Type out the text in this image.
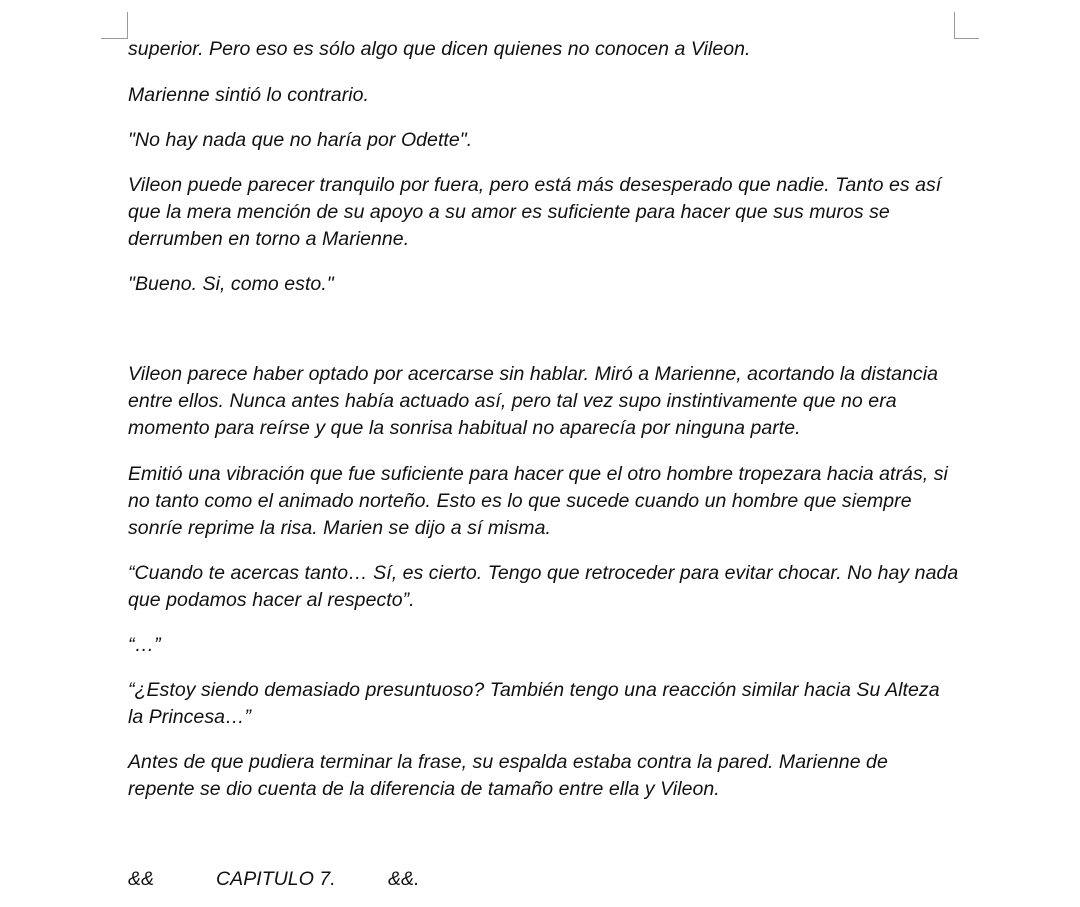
superior. Pero eso es sólo algo que dicen quienes no conocen a Vileon.
Marienne sintió lo contrario.
"No hay nada que no haría por Odette".
Vileon puede parecer tranquilo por fuera, pero está más desesperado que nadie. Tanto es así
que la mera mención de su apoyo a su amor es suficiente para hacer que sus muros se
derrumben en torno a Marienne.
"Bueno. Si, como esto."
Vileon parece haber optado por acercarse sin hablar. Miró a Marienne, acortando la distancia
entre ellos. Nunca antes había actuado así, pero tal vez supo instintivamente que no era
momento para reírse y que la sonrisa habitual no aparecía por ninguna parte.
Emitió una vibración que fue suficiente para hacer que el otro hombre tropezara hacia atrás, si
no tanto como el animado norteño. Esto es lo que sucede cuando un hombre que siempre
sonríe reprime la risa. Marien se dijo a sí misma.
“Cuando te acercas tanto… Sí, es cierto. Tengo que retroceder para evitar chocar. No hay nada
que podamos hacer al respecto”.
“…”
“¿Estoy siendo demasiado presuntuoso? También tengo una reacción similar hacia Su Alteza
la Princesa…”
Antes de que pudiera terminar la frase, su espalda estaba contra la pared. Marienne de
repente se dio cuenta de la diferencia de tamaño entre ella y Vileon.
&&	CAPITULO 7.	&&.
